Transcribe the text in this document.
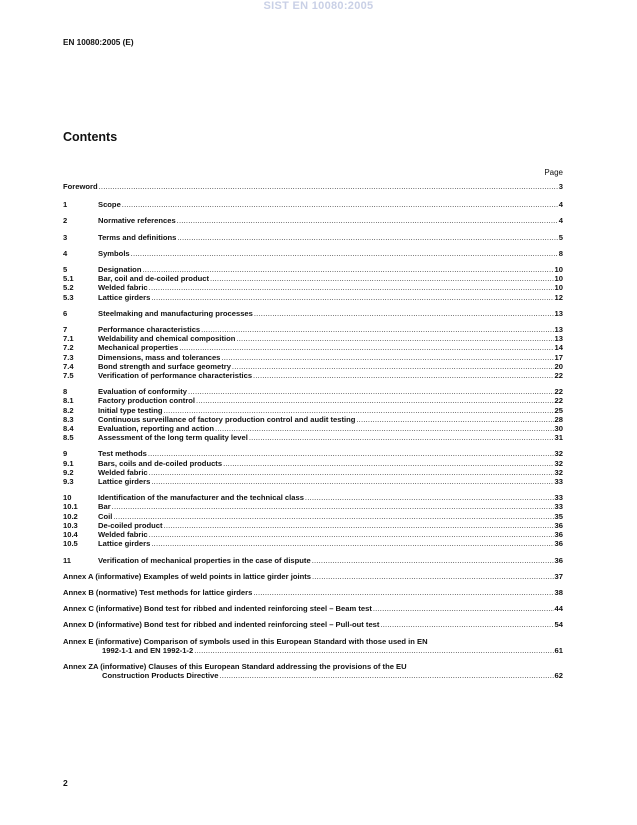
SIST EN 10080:2005
EN 10080:2005 (E)
Contents
Page
Foreword .....	3
1	Scope .....	4
2	Normative references .....	4
3	Terms and definitions .....	5
4	Symbols .....	8
5	Designation .....	10
5.1	Bar, coil and de-coiled product .....	10
5.2	Welded fabric .....	10
5.3	Lattice girders .....	12
6	Steelmaking and manufacturing processes .....	13
7	Performance characteristics .....	13
7.1	Weldability and chemical composition .....	13
7.2	Mechanical properties .....	14
7.3	Dimensions, mass and tolerances .....	17
7.4	Bond strength and surface geometry .....	20
7.5	Verification of performance characteristics .....	22
8	Evaluation of conformity .....	22
8.1	Factory production control .....	22
8.2	Initial type testing .....	25
8.3	Continuous surveillance of factory production control and audit testing .....	28
8.4	Evaluation, reporting and action .....	30
8.5	Assessment of the long term quality level .....	31
9	Test methods .....	32
9.1	Bars, coils and de-coiled products .....	32
9.2	Welded fabric .....	32
9.3	Lattice girders .....	33
10	Identification of the manufacturer and the technical class .....	33
10.1	Bar .....	33
10.2	Coil .....	35
10.3	De-coiled product .....	36
10.4	Welded fabric .....	36
10.5	Lattice girders .....	36
11	Verification of mechanical properties in the case of dispute .....	36
Annex A (informative) Examples of weld points in lattice girder joints .....	37
Annex B (normative) Test methods for lattice girders .....	38
Annex C (informative) Bond test for ribbed and indented reinforcing steel – Beam test .....	44
Annex D (informative) Bond test for ribbed and indented reinforcing steel – Pull-out test .....	54
Annex E (informative) Comparison of symbols used in this European Standard with those used in EN
1992-1-1 and EN 1992-1-2 .....	61
Annex ZA (informative) Clauses of this European Standard addressing the provisions of the EU
Construction Products Directive .....	62
2
